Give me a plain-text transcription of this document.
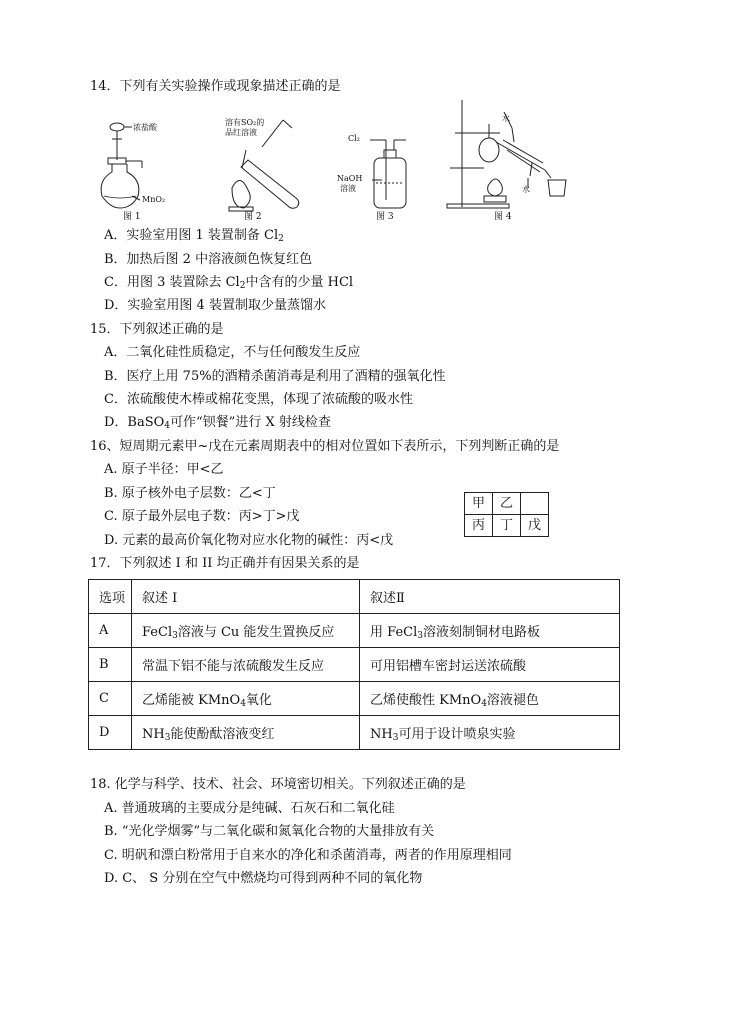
14．下列有关实验操作或现象描述正确的是
浓盐酸
MnO₂
图 1
溶有SO₂的
品红溶液
图 2
Cl₂
NaOH
溶液
图 3
水
水
图 4
A．实验室用图 1 装置制备 $Cl_2$
B．加热后图 2 中溶液颜色恢复红色
C．用图 3 装置除去 $Cl_2$中含有的少量 HCl
D．实验室用图 4 装置制取少量蒸馏水
15．下列叙述正确的是
A．二氧化硅性质稳定，不与任何酸发生反应
B．医疗上用 75%的酒精杀菌消毒是利用了酒精的强氧化性
C．浓硫酸使木棒或棉花变黑，体现了浓硫酸的吸水性
D．BaSO$_4$可作“钡餐”进行 X 射线检查
16、短周期元素甲~戊在元素周期表中的相对位置如下表所示，下列判断正确的是
A. 原子半径：甲<乙
B. 原子核外电子层数：乙<丁
C. 原子最外层电子数：丙>丁>戊
D. 元素的最高价氧化物对应水化物的碱性：丙<戊
甲	乙	
丙	丁	戊
17．下列叙述 I 和 II 均正确并有因果关系的是
选项	叙述 I	叙述Ⅱ
A	FeCl$_3$溶液与 Cu 能发生置换反应	用 FeCl$_3$溶液刻制铜材电路板
B	常温下铝不能与浓硫酸发生反应	可用铝槽车密封运送浓硫酸
C	乙烯能被 KMnO$_4$氧化	乙烯使酸性 KMnO$_4$溶液褪色
D	$NH_3$能使酚酞溶液变红	$NH_3$可用于设计喷泉实验
18. 化学与科学、技术、社会、环境密切相关。下列叙述正确的是
A. 普通玻璃的主要成分是纯碱、石灰石和二氧化硅
B. “光化学烟雾”与二氧化碳和氮氧化合物的大量排放有关
C. 明矾和漂白粉常用于自来水的净化和杀菌消毒，两者的作用原理相同
D. C、 S 分别在空气中燃烧均可得到两种不同的氧化物
